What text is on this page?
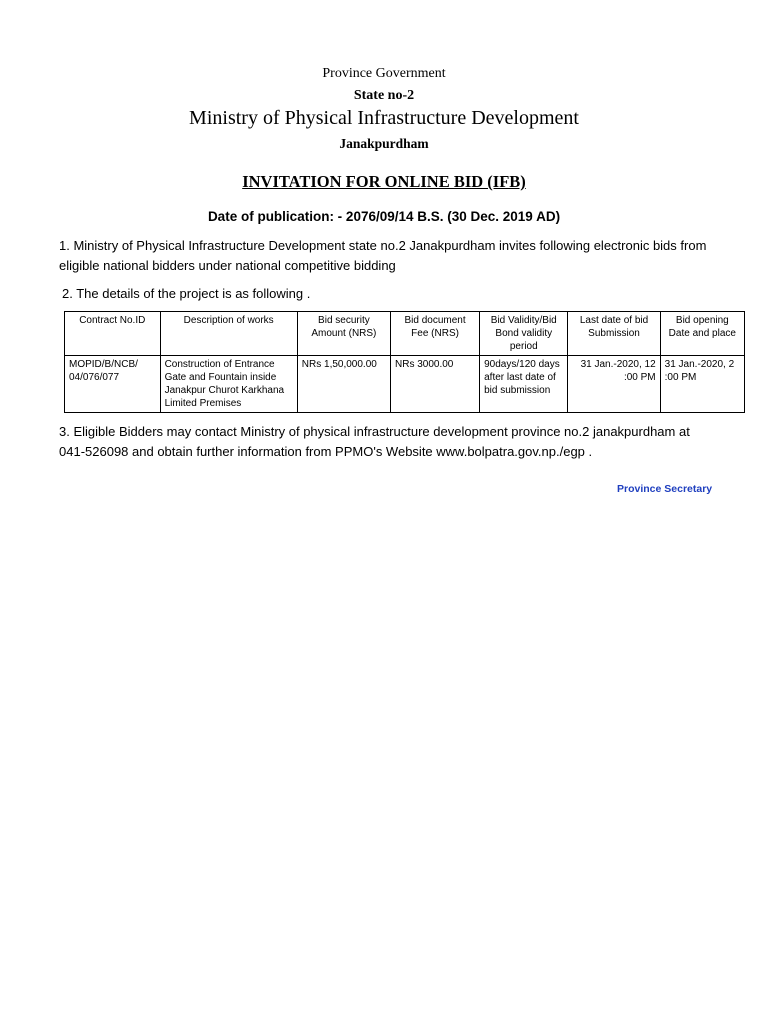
Province Government
State no-2
Ministry of Physical Infrastructure Development
Janakpurdham
INVITATION FOR ONLINE BID (IFB)
Date of publication: - 2076/09/14 B.S. (30 Dec. 2019 AD)
1. Ministry of Physical Infrastructure Development state no.2 Janakpurdham invites following electronic bids from eligible national bidders under national competitive bidding
2. The details of the project is as following .
Contract No.ID	Description of works	Bid security Amount (NRS)	Bid document Fee (NRS)	Bid Validity/Bid Bond validity period	Last date of bid Submission	Bid opening Date and place
MOPID/B/NCB/ 04/076/077	Construction of Entrance Gate and Fountain inside Janakpur Churot Karkhana Limited Premises	NRs 1,50,000.00	NRs 3000.00	90days/120 days after last date of bid submission	31 Jan.-2020, 12 :00 PM	31 Jan.-2020, 2 :00 PM
3. Eligible Bidders may contact Ministry of physical infrastructure development province no.2 janakpurdham at 041-526098 and obtain further information from PPMO's Website www.bolpatra.gov.np./egp .
Province Secretary
